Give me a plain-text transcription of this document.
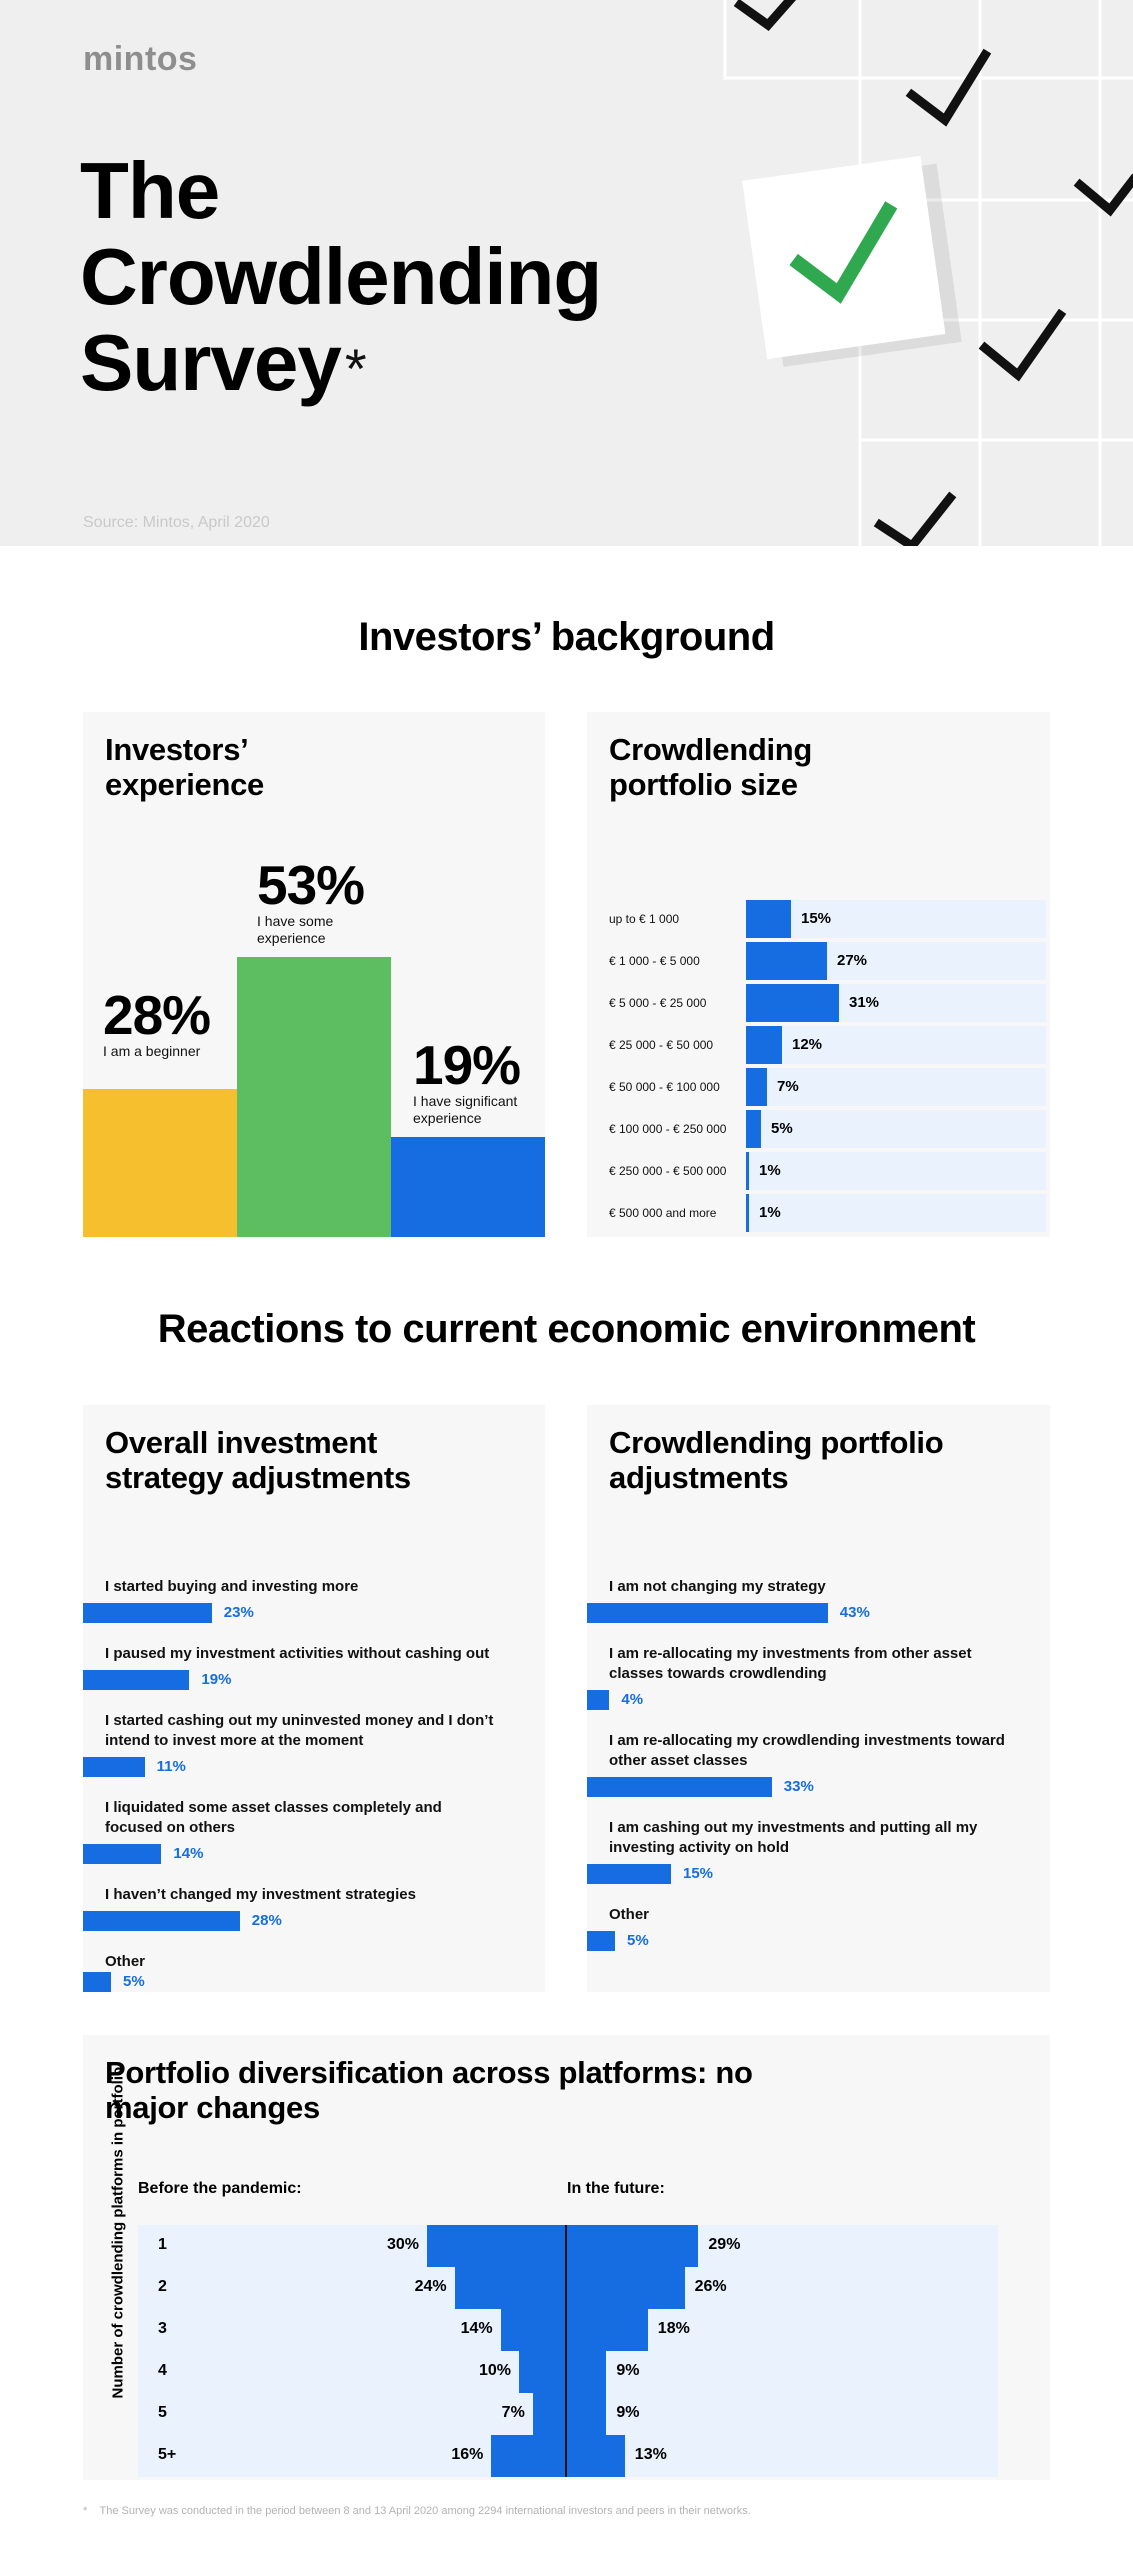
mintos
The
Crowdlending
Survey*
Source: Mintos, April 2020
Investors’ background
Investors’ experience
28%
I am a beginner
53%
I have some experience
19%
I have significant experience
Crowdlending portfolio size
up to € 1 000	15%
€ 1 000 - € 5 000	27%
€ 5 000 - € 25 000	31%
€ 25 000 - € 50 000	12%
€ 50 000 - € 100 000	7%
€ 100 000 - € 250 000	5%
€ 250 000 - € 500 000 1%
€ 500 000 and more	1%
Reactions to current economic environment
Overall investment strategy adjustments
I started buying and investing more
23%
I paused my investment activities without cashing out
19%
I started cashing out my uninvested money and I don’t intend to invest more at the moment
11%
I liquidated some asset classes completely and focused on others
14%
I haven’t changed my investment strategies
28%
Other
5%
Crowdlending portfolio adjustments
I am not changing my strategy
43%
I am re-allocating my investments from other asset classes towards crowdlending
4%
I am re-allocating my crowdlending investments toward other asset classes
33%
I am cashing out my investments and putting all my investing activity on hold
15%
Other
5%
Portfolio diversification across platforms: no major changes
Before the pandemic:	In the future:
Number of crowdlending platforms in portfolio 1	30%	29%
2	24%	26%
3	14%	18%
4	10%	9%
5	7%	9%
5+	16%	13%
* The Survey was conducted in the period between 8 and 13 April 2020 among 2294 international investors and peers in their networks.
